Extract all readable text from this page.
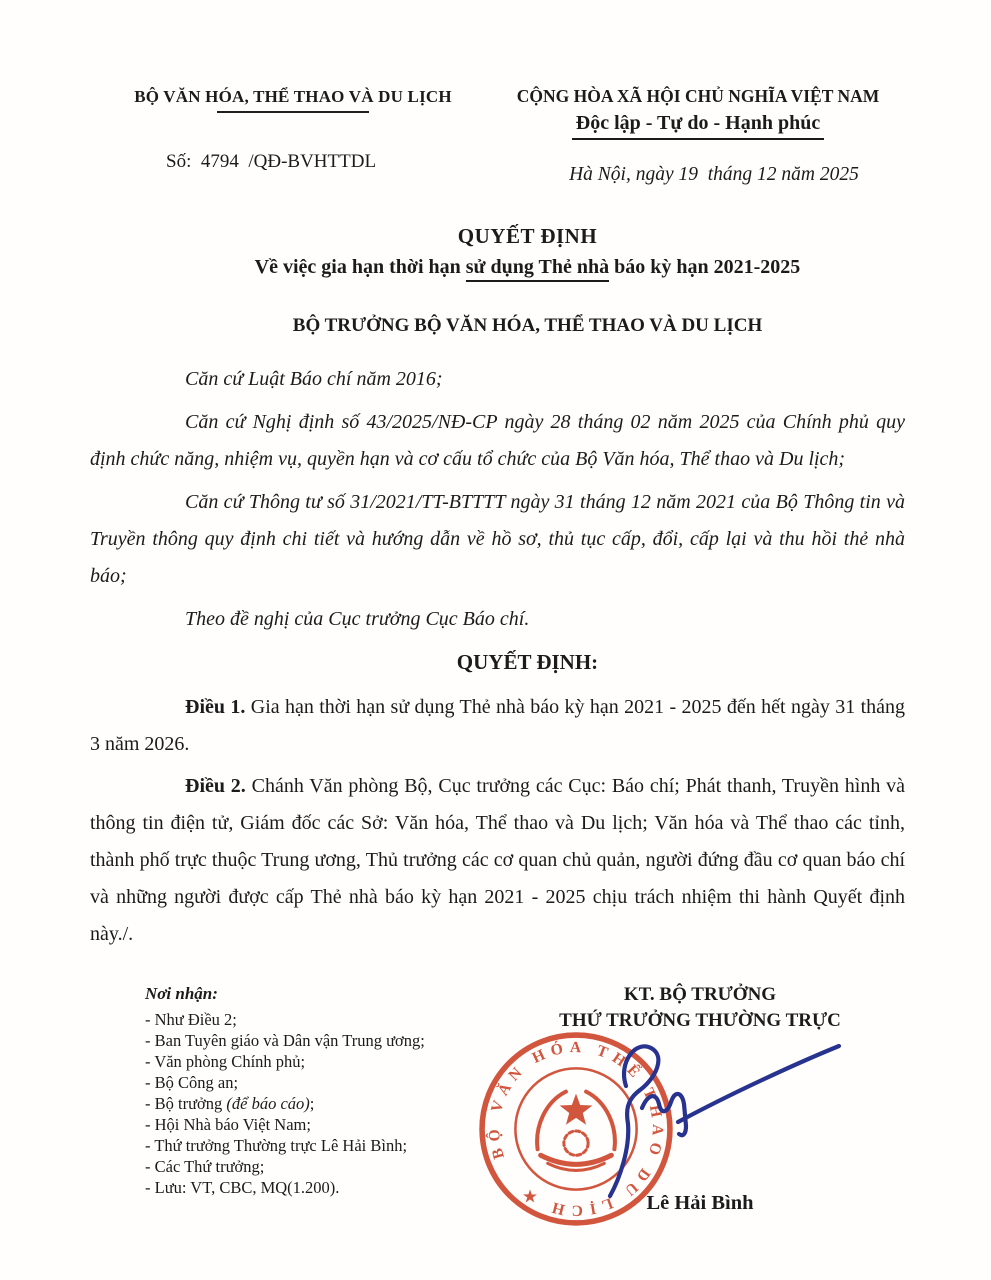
BỘ VĂN HÓA, THỂ THAO VÀ DU LỊCH
Số:  4794  /QĐ-BVHTTDL
CỘNG HÒA XÃ HỘI CHỦ NGHĨA VIỆT NAM
Độc lập - Tự do - Hạnh phúc
Hà Nội, ngày 19  tháng 12 năm 2025
QUYẾT ĐỊNH
Về việc gia hạn thời hạn sử dụng Thẻ nhà báo kỳ hạn 2021-2025
BỘ TRƯỞNG BỘ VĂN HÓA, THỂ THAO VÀ DU LỊCH

Căn cứ Luật Báo chí năm 2016;

Căn cứ Nghị định số 43/2025/NĐ-CP ngày 28 tháng 02 năm 2025 của Chính phủ quy định chức năng, nhiệm vụ, quyền hạn và cơ cấu tổ chức của Bộ Văn hóa, Thể thao và Du lịch;

Căn cứ Thông tư số 31/2021/TT-BTTTT ngày 31 tháng 12 năm 2021 của Bộ Thông tin và Truyền thông quy định chi tiết và hướng dẫn về hồ sơ, thủ tục cấp, đổi, cấp lại và thu hồi thẻ nhà báo;

Theo đề nghị của Cục trưởng Cục Báo chí.

QUYẾT ĐỊNH:

Điều 1. Gia hạn thời hạn sử dụng Thẻ nhà báo kỳ hạn 2021 - 2025 đến hết ngày 31 tháng 3 năm 2026.

Điều 2. Chánh Văn phòng Bộ, Cục trưởng các Cục: Báo chí; Phát thanh, Truyền hình và thông tin điện tử, Giám đốc các Sở: Văn hóa, Thể thao và Du lịch; Văn hóa và Thể thao các tỉnh, thành phố trực thuộc Trung ương, Thủ trưởng các cơ quan chủ quản, người đứng đầu cơ quan báo chí và những người được cấp Thẻ nhà báo kỳ hạn 2021 - 2025 chịu trách nhiệm thi hành Quyết định này./.

Nơi nhận:
- Như Điều 2;
- Ban Tuyên giáo và Dân vận Trung ương;
- Văn phòng Chính phủ;
- Bộ Công an;
- Bộ trưởng (để báo cáo);
- Hội Nhà báo Việt Nam;
- Thứ trưởng Thường trực Lê Hải Bình;
- Các Thứ trưởng;
- Lưu: VT, CBC, MQ(1.200).
KT. BỘ TRƯỞNG
THỨ TRƯỞNG THƯỜNG TRỰC
Lê Hải Bình
BỘ VĂN HÓA THỂ THAO
DU LỊCH ★
